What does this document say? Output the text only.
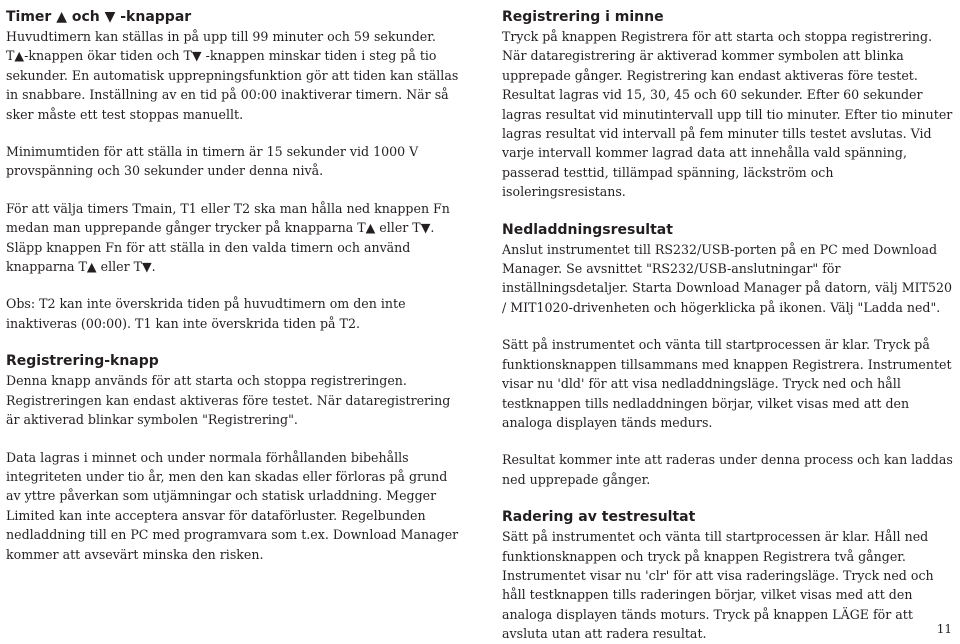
Timer ▲ och ▼ -knappar

Huvudtimern kan ställas in på upp till 99 minuter och 59 sekunder. T▲-knappen ökar tiden och T▼ -knappen minskar tiden i steg på tio sekunder. En automatisk upprepningsfunktion gör att tiden kan ställas in snabbare. Inställning av en tid på 00:00 inaktiverar timern. När så sker måste ett test stoppas manuellt.

Minimumtiden för att ställa in timern är 15 sekunder vid 1000 V provspänning och 30 sekunder under denna nivå.

För att välja timers Tmain, T1 eller T2 ska man hålla ned knappen Fn medan man upprepande gånger trycker på knapparna T▲ eller T▼. Släpp knappen Fn för att ställa in den valda timern och använd knapparna T▲ eller T▼.

Obs: T2 kan inte överskrida tiden på huvudtimern om den inte inaktiveras (00:00). T1 kan inte överskrida tiden på T2.

Registrering-knapp

Denna knapp används för att starta och stoppa registreringen. Registreringen kan endast aktiveras före testet. När dataregistrering är aktiverad blinkar symbolen "Registrering".

Data lagras i minnet och under normala förhållanden bibehålls integriteten under tio år, men den kan skadas eller förloras på grund av yttre påverkan som utjämningar och statisk urladdning. Megger Limited kan inte acceptera ansvar för dataförluster. Regelbunden nedladdning till en PC med programvara som t.ex. Download Manager kommer att avsevärt minska den risken.

Registrering i minne

Tryck på knappen Registrera för att starta och stoppa registrering. När dataregistrering är aktiverad kommer symbolen att blinka upprepade gånger. Registrering kan endast aktiveras före testet. Resultat lagras vid 15, 30, 45 och 60 sekunder. Efter 60 sekunder lagras resultat vid minutintervall upp till tio minuter. Efter tio minuter lagras resultat vid intervall på fem minuter tills testet avslutas. Vid varje intervall kommer lagrad data att innehålla vald spänning, passerad testtid, tillämpad spänning, läckström och isoleringsresistans.

Nedladdningsresultat

Anslut instrumentet till RS232/USB-porten på en PC med Download Manager. Se avsnittet "RS232/USB-anslutningar" för inställningsdetaljer. Starta Download Manager på datorn, välj MIT520 / MIT1020-drivenheten och högerklicka på ikonen. Välj "Ladda ned".

Sätt på instrumentet och vänta till startprocessen är klar. Tryck på funktionsknappen tillsammans med knappen Registrera. Instrumentet visar nu 'dld' för att visa nedladdningsläge. Tryck ned och håll testknappen tills nedladdningen börjar, vilket visas med att den analoga displayen tänds medurs.

Resultat kommer inte att raderas under denna process och kan laddas ned upprepade gånger.

Radering av testresultat

Sätt på instrumentet och vänta till startprocessen är klar. Håll ned funktionsknappen och tryck på knappen Registrera två gånger. Instrumentet visar nu 'clr' för att visa raderingsläge. Tryck ned och håll testknappen tills raderingen börjar, vilket visas med att den analoga displayen tänds moturs. Tryck på knappen LÄGE för att avsluta utan att radera resultat.	11
